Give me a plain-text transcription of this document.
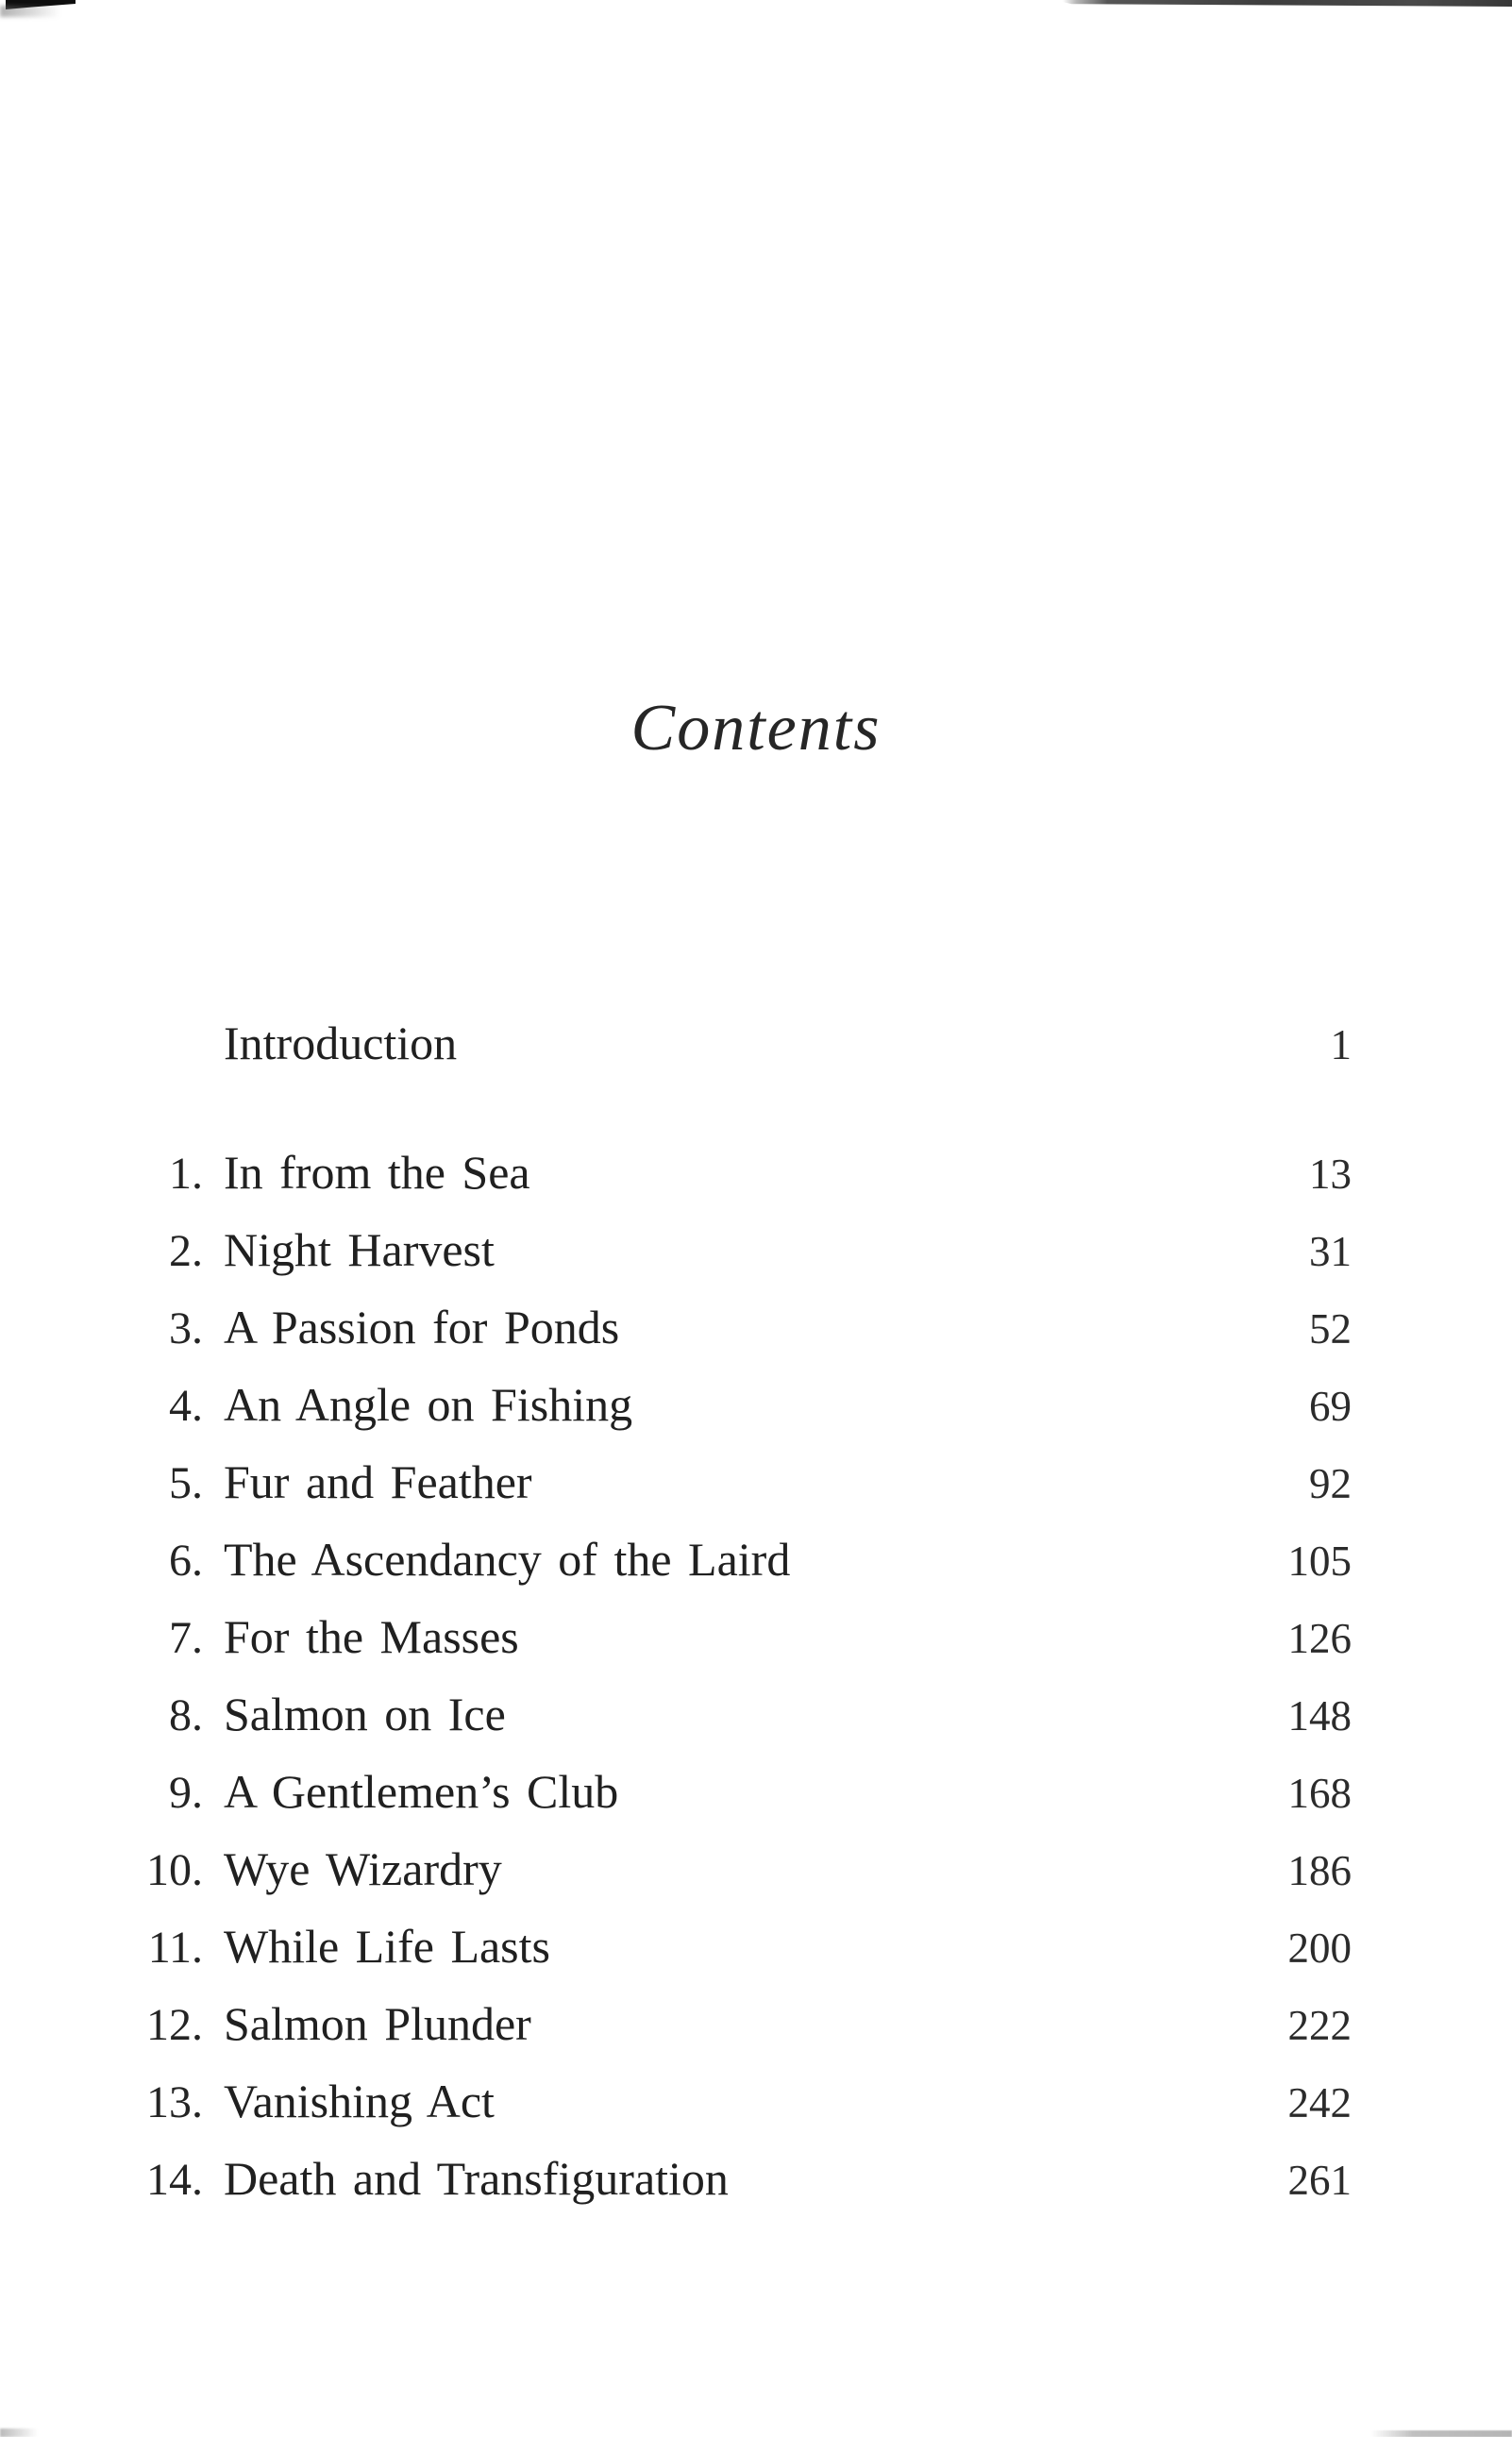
Contents
Introduction	1
1. In from the Sea	13
2. Night Harvest	31
3. A Passion for Ponds	52
4. An Angle on Fishing	69
5. Fur and Feather	92
6. The Ascendancy of the Laird	105
7. For the Masses	126
8. Salmon on Ice	148
9. A Gentlemen’s Club	168
10. Wye Wizardry	186
11. While Life Lasts	200
12. Salmon Plunder	222
13. Vanishing Act	242
14. Death and Transfiguration	261
